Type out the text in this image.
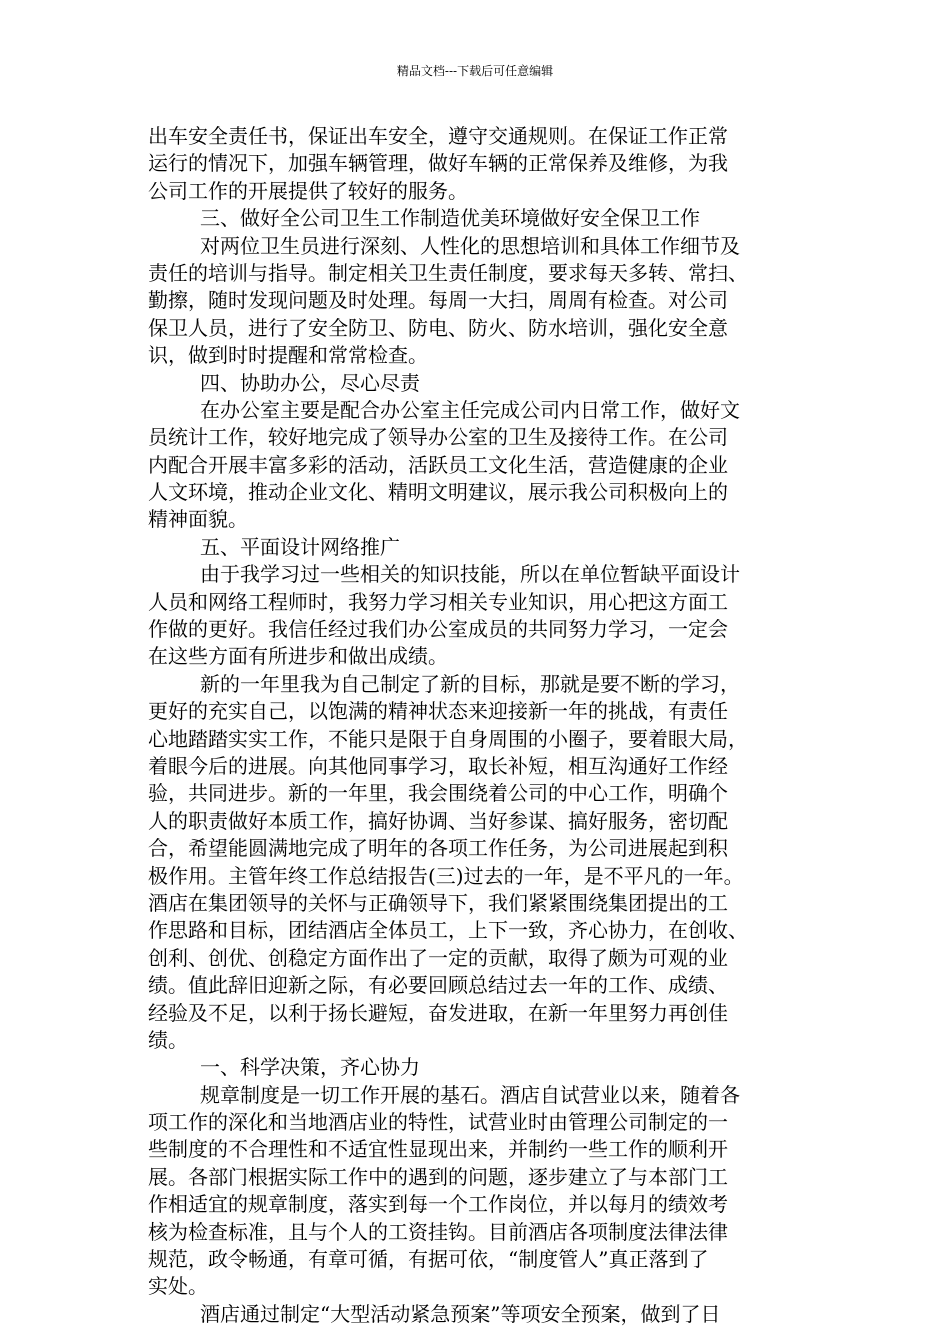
精品文档---下载后可任意编辑
出车安全责任书，保证出车安全，遵守交通规则。在保证工作正常
运行的情况下，加强车辆管理，做好车辆的正常保养及维修，为我
公司工作的开展提供了较好的服务。
三、做好全公司卫生工作制造优美环境做好安全保卫工作
对两位卫生员进行深刻、人性化的思想培训和具体工作细节及
责任的培训与指导。制定相关卫生责任制度，要求每天多转、常扫、
勤擦，随时发现问题及时处理。每周一大扫，周周有检查。对公司
保卫人员，进行了安全防卫、防电、防火、防水培训，强化安全意
识，做到时时提醒和常常检查。
四、协助办公，尽心尽责
在办公室主要是配合办公室主任完成公司内日常工作，做好文
员统计工作，较好地完成了领导办公室的卫生及接待工作。在公司
内配合开展丰富多彩的活动，活跃员工文化生活，营造健康的企业
人文环境，推动企业文化、精明文明建议，展示我公司积极向上的
精神面貌。
五、平面设计网络推广
由于我学习过一些相关的知识技能，所以在单位暂缺平面设计
人员和网络工程师时，我努力学习相关专业知识，用心把这方面工
作做的更好。我信任经过我们办公室成员的共同努力学习，一定会
在这些方面有所进步和做出成绩。
新的一年里我为自己制定了新的目标，那就是要不断的学习，
更好的充实自己，以饱满的精神状态来迎接新一年的挑战，有责任
心地踏踏实实工作，不能只是限于自身周围的小圈子，要着眼大局，
着眼今后的进展。向其他同事学习，取长补短，相互沟通好工作经
验，共同进步。新的一年里，我会围绕着公司的中心工作，明确个
人的职责做好本质工作，搞好协调、当好参谋、搞好服务，密切配
合，希望能圆满地完成了明年的各项工作任务，为公司进展起到积
极作用。主管年终工作总结报告(三)过去的一年，是不平凡的一年。
酒店在集团领导的关怀与正确领导下，我们紧紧围绕集团提出的工
作思路和目标，团结酒店全体员工，上下一致，齐心协力，在创收、
创利、创优、创稳定方面作出了一定的贡献，取得了颇为可观的业
绩。值此辞旧迎新之际，有必要回顾总结过去一年的工作、成绩、
经验及不足，以利于扬长避短，奋发进取，在新一年里努力再创佳
绩。
一、科学决策，齐心协力
规章制度是一切工作开展的基石。酒店自试营业以来，随着各
项工作的深化和当地酒店业的特性，试营业时由管理公司制定的一
些制度的不合理性和不适宜性显现出来，并制约一些工作的顺利开
展。各部门根据实际工作中的遇到的问题，逐步建立了与本部门工
作相适宜的规章制度，落实到每一个工作岗位，并以每月的绩效考
核为检查标准，且与个人的工资挂钩。目前酒店各项制度法律法律
规范，政令畅通，有章可循，有据可依，“制度管人”真正落到了
实处。
酒店通过制定“大型活动紧急预案”等项安全预案，做到了日
